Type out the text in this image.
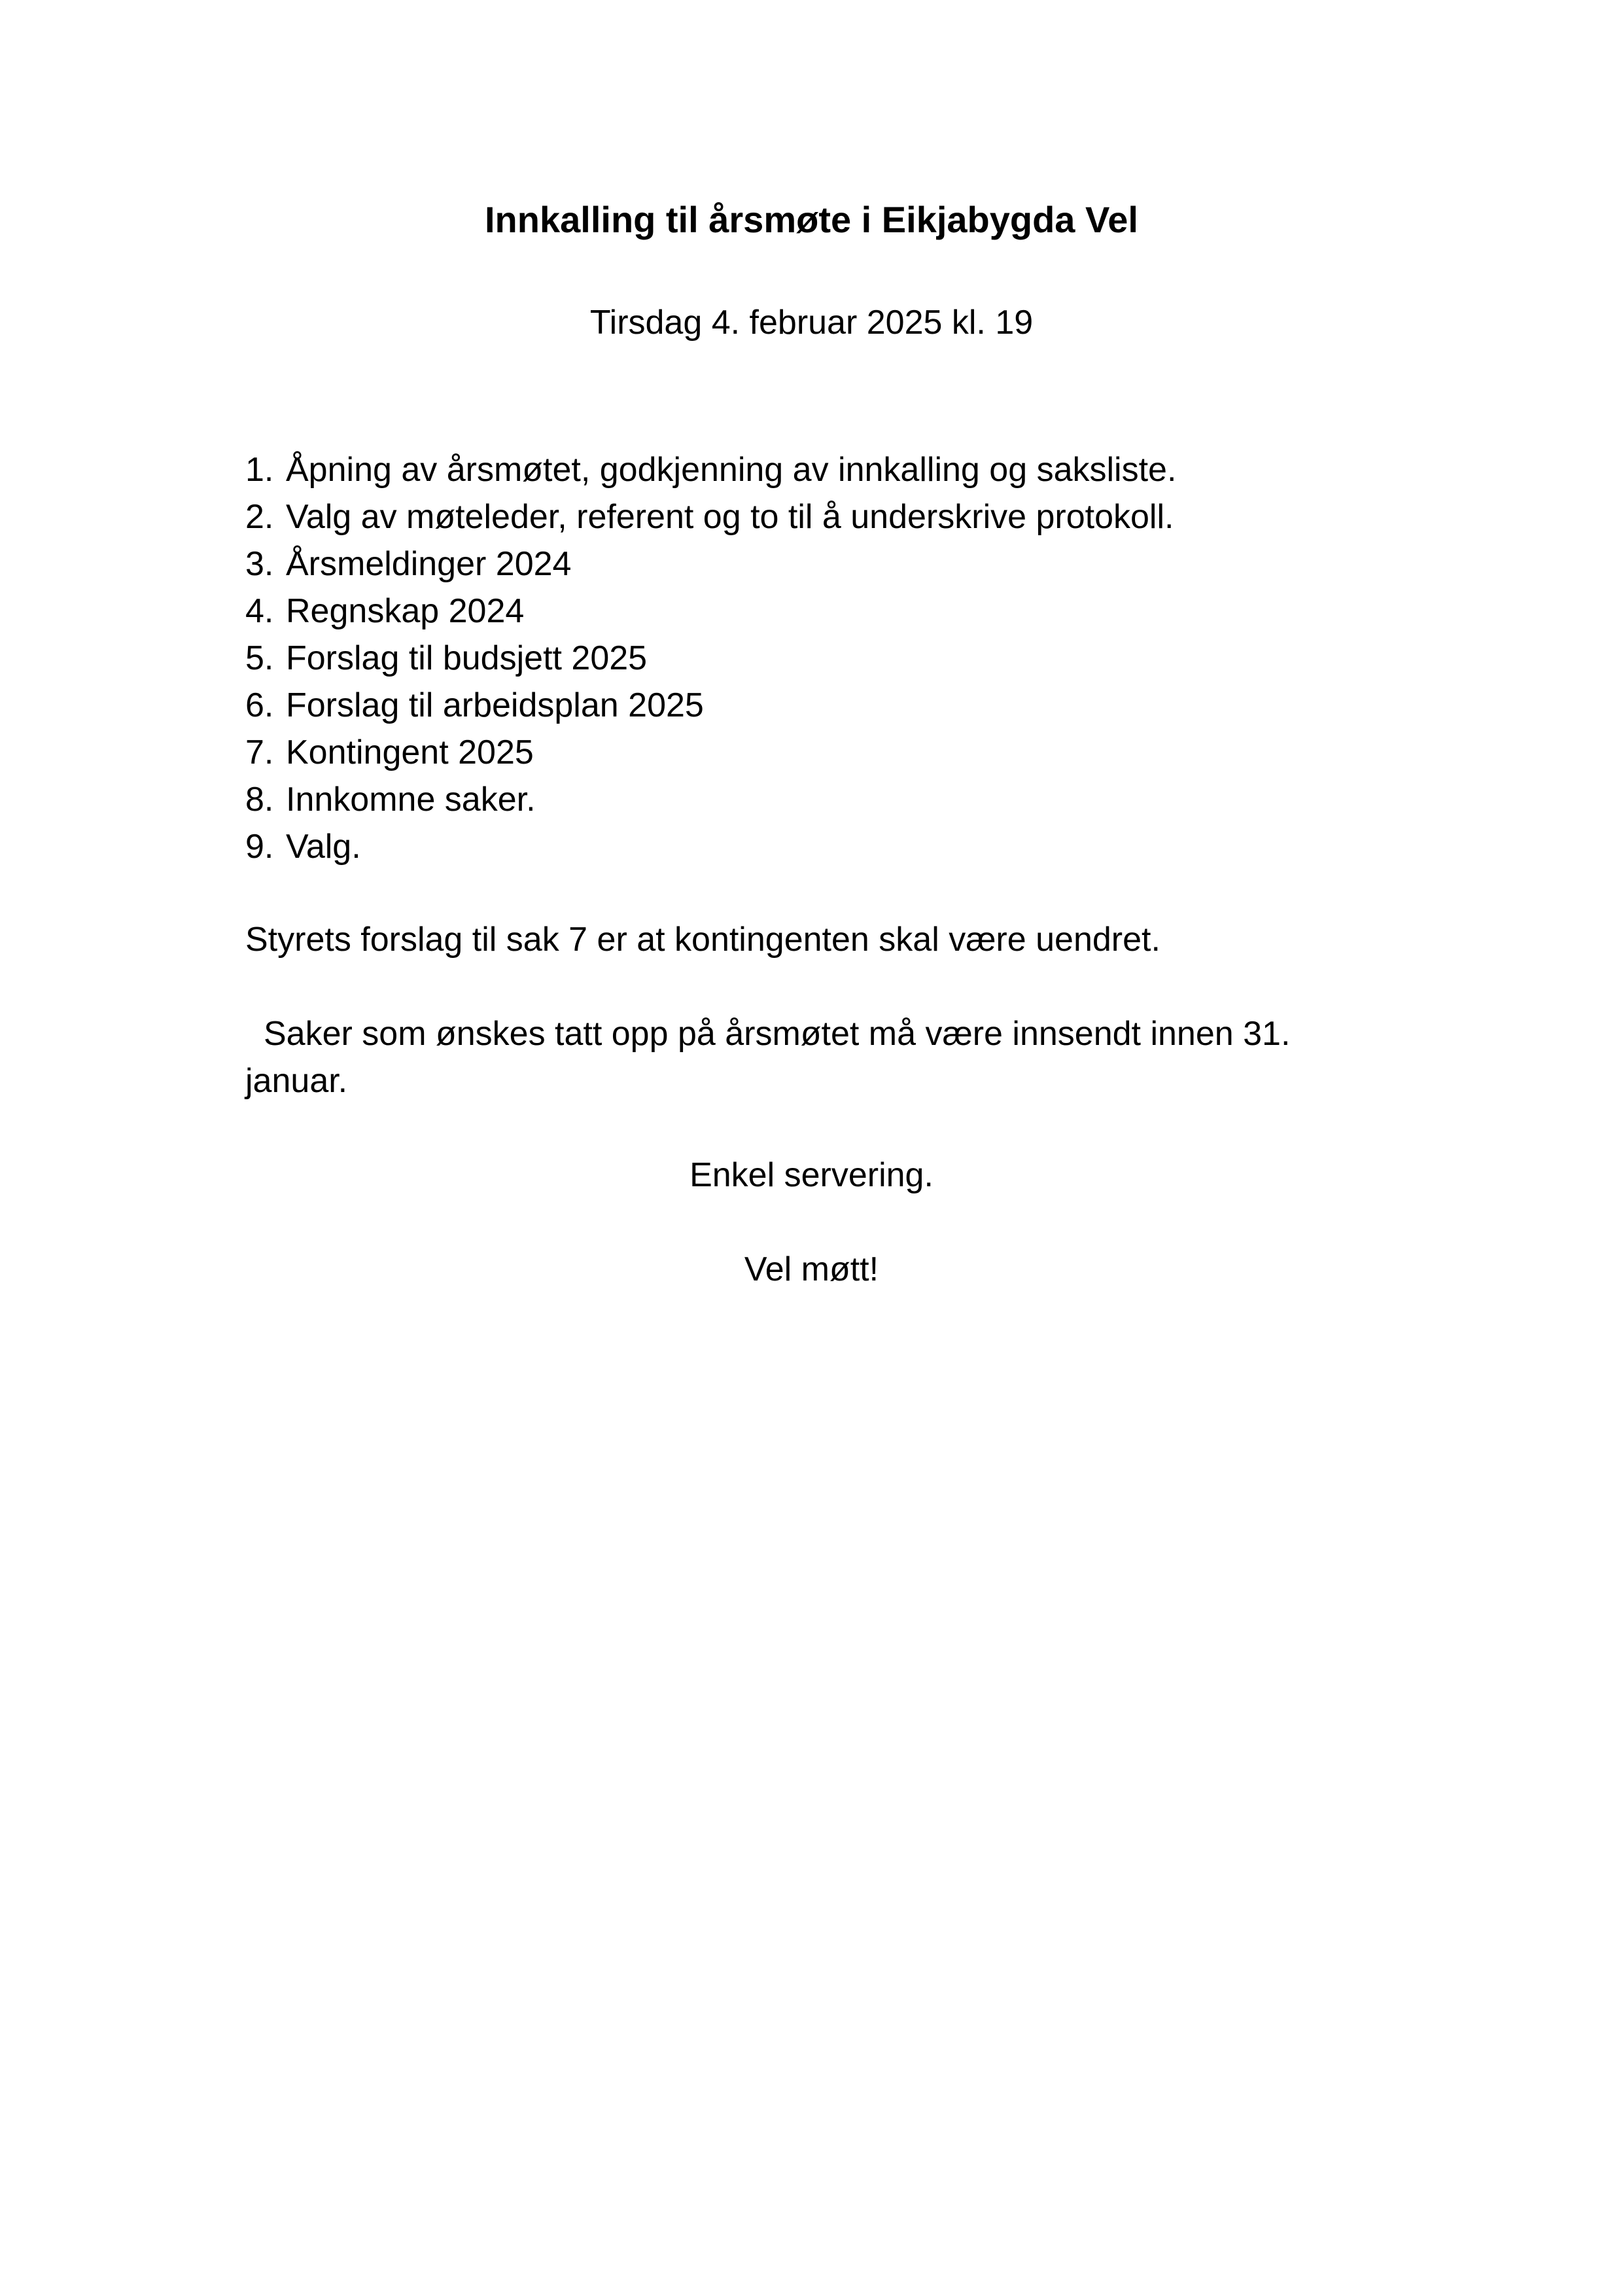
Innkalling til årsmøte i Eikjabygda Vel

Tirsdag 4. februar 2025 kl. 19

1. Åpning av årsmøtet, godkjenning av innkalling og saksliste.
2. Valg av møteleder, referent og to til å underskrive protokoll.
3. Årsmeldinger 2024
4. Regnskap 2024
5. Forslag til budsjett 2025
6. Forslag til arbeidsplan 2025
7. Kontingent 2025
8. Innkomne saker.
9. Valg.

Styrets forslag til sak 7 er at kontingenten skal være uendret.

Saker som ønskes tatt opp på årsmøtet må være innsendt innen 31. januar.

Enkel servering.

Vel møtt!
